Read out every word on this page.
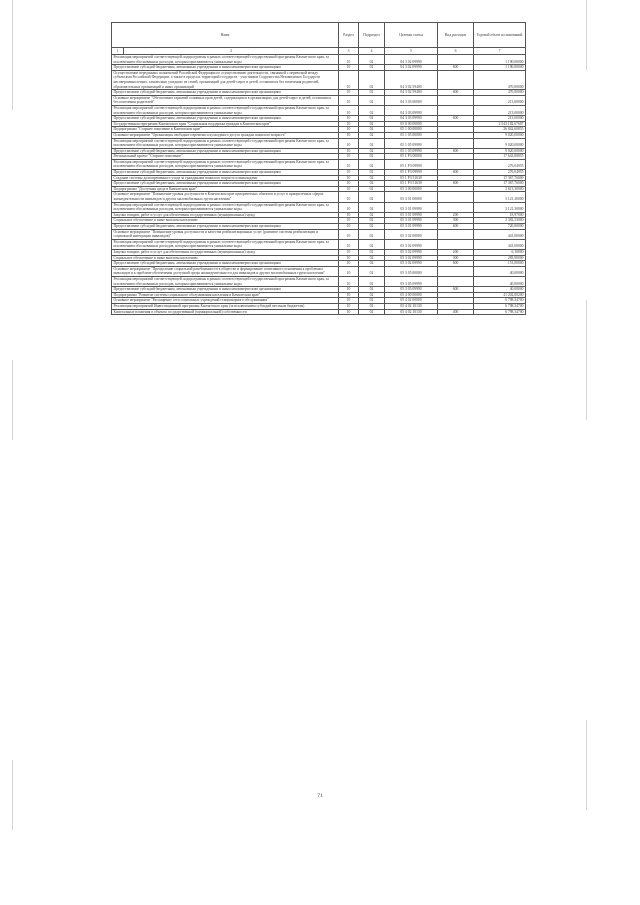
Наим		Раздел	Подраздел	Целевая статья	Вид расходов	Годовой объем ассигнований
1	2	3	4	5	6	7
Реализация мероприятий соответствующей подпрограммы в рамках соответствующей государственной программы Камчатского края, за исключением обоснованных расходов, которым присваиваются уникальные коды		10	02	04 3 02 09990		1 190,00000
Предоставление субсидий бюджетным, автономным учреждениям и иным некоммерческим организациям		10	02	04 3 02 09990	600	1 190,00000
Осуществление переданных полномочий Российской Федерации по осуществлению деятельности, связанной с перевозкой между субъектами Российской Федерации, а также в пределах территорий государств - участников Содружества Независимых Государств несовершеннолетних, самовольно ушедших из семей, организаций для детей-сирот и детей, оставшихся без попечения родителей, образовательных организаций и иных организаций		10	02	04 3 02 59400		470,00000
Предоставление субсидий бюджетным, автономным учреждениям и иным некоммерческим организациям		10	02	04 3 02 59400	600	470,00000
Основное мероприятие "Обеспечение гарантий основных прав детей, содержащихся в организациях для детей-сирот и детей, оставшихся без попечения родителей"		10	02	04 3 03 00000		213,00000
Реализация мероприятий соответствующей подпрограммы в рамках соответствующей государственной программы Камчатского края, за исключением обоснованных расходов, которым присваиваются уникальные коды		10	02	04 3 03 09990		213,00000
Предоставление субсидий бюджетным, автономным учреждениям и иным некоммерческим организациям		10	02	04 3 03 09990	600	213,00000
Государственная программа Камчатского края "Социальная поддержка граждан в Камчатском крае"		10	02	05 0 00 00000		2 543 182,67687
Подпрограмма "Старшее поколение в Камчатском крае"		10	02	05 1 00 00000		26 842,60855
Основное мероприятие "Организация свободного времени и культурного досуга граждан пожилого возраста"		10	02	05 1 05 00000		9 020,00000
Реализация мероприятий соответствующей подпрограммы в рамках соответствующей государственной программы Камчатского края, за исключением обоснованных расходов, которым присваиваются уникальные коды		10	02	05 1 05 09990		9 020,00000
Предоставление субсидий бюджетным, автономным учреждениям и иным некоммерческим организациям		10	02	05 1 05 09990	600	9 020,00000
Региональный проект "Старшее поколение"		10	02	05 1 P3 00000		17 643,80855
Реализация мероприятий соответствующей подпрограммы в рамках соответствующей государственной программы Камчатского края, за исключением обоснованных расходов, которым присваиваются уникальные коды		10	02	05 1 P3 09990		276,04955
Предоставление субсидий бюджетным, автономным учреждениям и иным некоммерческим организациям		10	02	05 1 P3 09990	600	276,04955
Создание системы долговременного ухода за гражданами пожилого возраста и инвалидами		10	02	05 1 P3 51630		17 367,76000
Предоставление субсидий бюджетным, автономным учреждениям и иным некоммерческим организациям		10	02	05 1 P3 51630	600	17 367,76000
Подпрограмма "Доступная среда в Камчатском крае"		10	02	05 3 00 00000		3 613,30000
Основное мероприятие "Повышение уровня доступности в Камчатском крае приоритетных объектов и услуг в приоритетных сферах жизнедеятельности инвалидов и других маломобильных групп населения"		10	02	05 3 01 00000		3 121,30000
Реализация мероприятий соответствующей подпрограммы в рамках соответствующей государственной программы Камчатского края, за исключением обоснованных расходов, которым присваиваются уникальные коды		10	02	05 3 01 09990		3 121,30000
Закупка товаров, работ и услуг для обеспечения государственных (муниципальных) нужд		10	02	05 3 01 09990	200	18,97000
Социальное обеспечение и иные выплаты населению		10	02	05 3 01 09990	300	2 382,33000
Предоставление субсидий бюджетным, автономным учреждениям и иным некоммерческим организациям		10	02	05 3 01 09990	600	720,00000
Основное мероприятие "Повышение уровня доступности и качества реабилитационных услуг (развитие системы реабилитации и социальной интеграции инвалидов)"		10	02	05 3 02 00000		441,00000
Реализация мероприятий соответствующей подпрограммы в рамках соответствующей государственной программы Камчатского края, за исключением обоснованных расходов, которым присваиваются уникальные коды		10	02	05 3 02 09990		441,00000
Закупка товаров, работ и услуг для обеспечения государственных (муниципальных) нужд		10	02	05 3 02 09990	200	6,10000
Социальное обеспечение и иные выплаты населению		10	02	05 3 02 09990	300	283,90000
Предоставление субсидий бюджетным, автономным учреждениям и иным некоммерческим организациям		10	02	05 3 02 09990	600	151,00000
Основное мероприятие "Преодоление социальной разобщенности в обществе и формирование позитивного отношения к проблемам инвалидов и к проблеме обеспечения доступной среды жизнедеятельности для инвалидов и других маломобильных групп населения"		10	02	05 3 05 00000		40,00000
Реализация мероприятий соответствующей подпрограммы в рамках соответствующей государственной программы Камчатского края, за исключением обоснованных расходов, которым присваиваются уникальные коды		10	02	05 3 05 09990		40,00000
Предоставление субсидий бюджетным, автономным учреждениям и иным некоммерческим организациям		10	02	05 3 05 09990	600	40,00000
Подпрограмма "Развитие системы социального обслуживания населения в Камчатском крае"		10	02	05 4 00 00000		41 202,00200
Основное мероприятие "Расширение сети социальных учреждений стационарного обслуживания"		10	02	05 4 02 00000		6 798,34700
Реализация мероприятий Инвестиционной программы Камчатского края (за исключением субсидий местным бюджетам)		10	02	05 4 02 10130		6 798,34700
Капитальные вложения в объекты государственной (муниципальной) собственности		10	02	05 4 02 10130	400	6 798,34700
71
